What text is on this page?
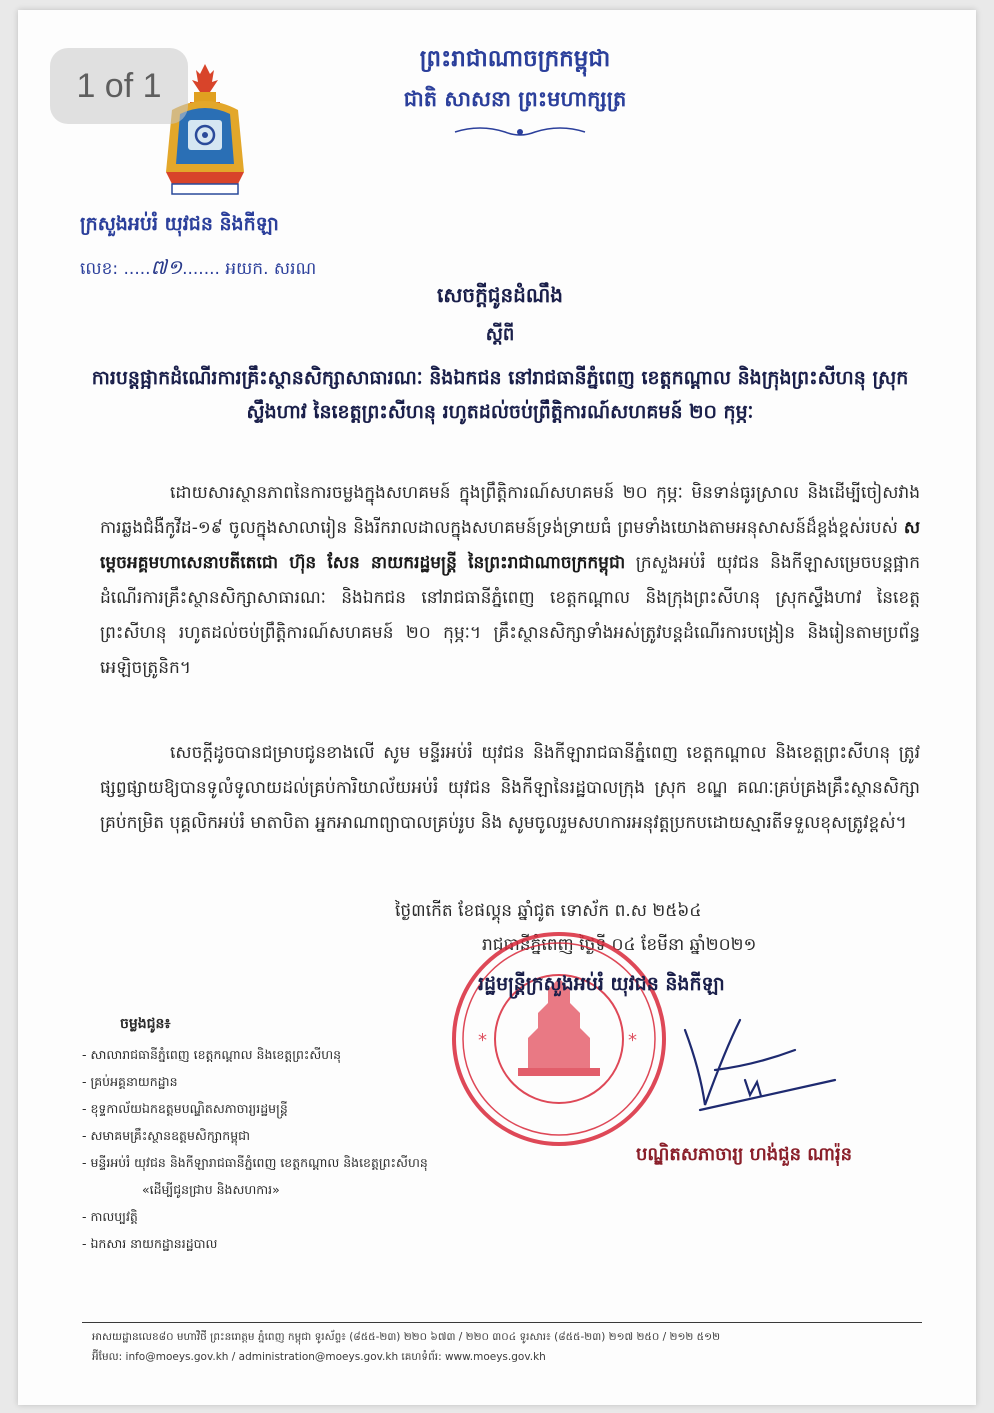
1 of 1
ព្រះរាជាណាចក្រកម្ពុជា
ជាតិ សាសនា ព្រះមហាក្សត្រ
ក្រសួងអប់រំ យុវជន និងកីឡា
លេខ: .....៧១....... អយក. សរណ
សេចក្តីជូនដំណឹង
ស្តីពី
ការបន្តផ្អាកដំណើរការគ្រឹះស្ថានសិក្សាសាធារណៈ និងឯកជន នៅរាជធានីភ្នំពេញ ខេត្តកណ្តាល និងក្រុងព្រះសីហនុ ស្រុកស្ទឹងហាវ នៃខេត្តព្រះសីហនុ រហូតដល់ចប់ព្រឹត្តិការណ៍សហគមន៍ ២០ កុម្ភៈ
ដោយសារស្ថានភាពនៃការចម្លងក្នុងសហគមន៍ ក្នុងព្រឹត្តិការណ៍សហគមន៍ ២០ កុម្ភៈ មិនទាន់ធូរស្រាល និងដើម្បីចៀសវាងការឆ្លងជំងឺកូវីដ-១៩ ចូលក្នុងសាលារៀន និងរីករាលដាលក្នុងសហគមន៍ទ្រង់ទ្រាយធំ ព្រមទាំងយោងតាមអនុសាសន៍ដ៏ខ្ពង់ខ្ពស់របស់ សម្តេចអគ្គមហាសេនាបតីតេជោ ហ៊ុន សែន នាយករដ្ឋមន្ត្រី នៃព្រះរាជាណាចក្រកម្ពុជា ក្រសួងអប់រំ យុវជន និងកីឡាសម្រេចបន្តផ្អាកដំណើរការគ្រឹះស្ថានសិក្សាសាធារណៈ និងឯកជន នៅរាជធានីភ្នំពេញ ខេត្តកណ្តាល និងក្រុងព្រះសីហនុ ស្រុកស្ទឹងហាវ នៃខេត្តព្រះសីហនុ រហូតដល់ចប់ព្រឹត្តិការណ៍សហគមន៍ ២០ កុម្ភៈ។ គ្រឹះស្ថានសិក្សាទាំងអស់ត្រូវបន្តដំណើរការបង្រៀន និងរៀនតាមប្រព័ន្ធអេឡិចត្រូនិក។
សេចក្តីដូចបានជម្រាបជូនខាងលើ សូម មន្ទីរអប់រំ យុវជន និងកីឡារាជធានីភ្នំពេញ ខេត្តកណ្តាល និងខេត្តព្រះសីហនុ ត្រូវផ្សព្វផ្សាយឱ្យបានទូលំទូលាយដល់គ្រប់ការិយាល័យអប់រំ យុវជន និងកីឡានៃរដ្ឋបាលក្រុង ស្រុក ខណ្ឌ គណៈគ្រប់គ្រងគ្រឹះស្ថានសិក្សាគ្រប់កម្រិត បុគ្គលិកអប់រំ មាតាបិតា អ្នកអាណាព្យាបាលគ្រប់រូប និង សូមចូលរួមសហការអនុវត្តប្រកបដោយស្មារតីទទួលខុសត្រូវខ្ពស់។
ថ្ងៃ៣កើត ខែផល្គុន ឆ្នាំជូត ទោស័ក ព.ស ២៥៦៤
រាជធានីភ្នំពេញ ថ្ងៃទី ០៤ ខែមីនា ឆ្នាំ២០២១
*	*
រដ្ឋមន្ត្រីក្រសួងអប់រំ យុវជន និងកីឡា
បណ្ឌិតសភាចារ្យ ហង់ជួន ណារ៉ុន
ចម្លងជូន៖
- សាលារាជធានីភ្នំពេញ ខេត្តកណ្តាល និងខេត្តព្រះសីហនុ
- គ្រប់អគ្គនាយកដ្ឋាន
- ខុទ្ទកាល័យឯកឧត្តមបណ្ឌិតសភាចារ្យរដ្ឋមន្ត្រី
- សមាគមគ្រឹះស្ថានឧត្តមសិក្សាកម្ពុជា
- មន្ទីរអប់រំ យុវជន និងកីឡារាជធានីភ្នំពេញ ខេត្តកណ្តាល និងខេត្តព្រះសីហនុ
«ដើម្បីជូនជ្រាប និងសហការ»
- កាលប្បវត្តិ
- ឯកសារ នាយកដ្ឋានរដ្ឋបាល
អាសយដ្ឋានលេខ៨០ មហាវិថី ព្រះនរោត្តម ភ្នំពេញ កម្ពុជា ទូរស័ព្ទ៖ (៨៥៥-២៣) ២២០ ៦៧៣ / ២២០ ៣០៤ ទូរសារ៖ (៨៥៥-២៣) ២១៧ ២៥០ / ២១២ ៥១២
អ៊ីមែល: info@moeys.gov.kh / administration@moeys.gov.kh គេហទំព័រ: www.moeys.gov.kh
